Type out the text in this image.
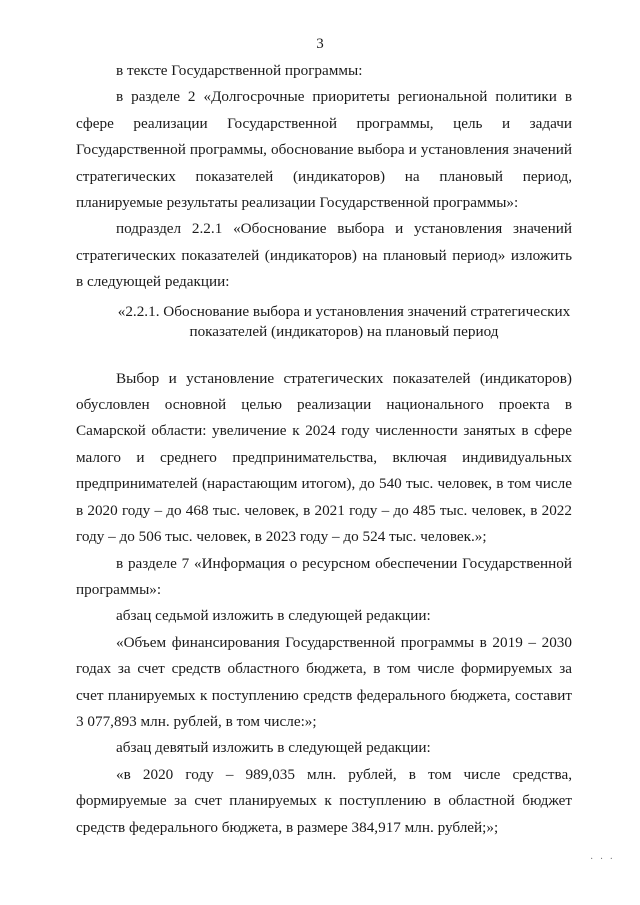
3

в тексте Государственной программы:

в разделе 2 «Долгосрочные приоритеты региональной политики в сфере реализации Государственной программы, цель и задачи Государственной программы, обоснование выбора и установления значений стратегических показателей (индикаторов) на плановый период, планируемые результаты реализации Государственной программы»:

подраздел 2.2.1 «Обоснование выбора и установления значений стратегических показателей (индикаторов) на плановый период» изложить в следующей редакции:

«2.2.1. Обоснование выбора и установления значений стратегических
показателей (индикаторов) на плановый период

Выбор и установление стратегических показателей (индикаторов) обусловлен основной целью реализации национального проекта в Самарской области: увеличение к 2024 году численности занятых в сфере малого и среднего предпринимательства, включая индивидуальных предпринимателей (нарастающим итогом), до 540 тыс. человек, в том числе в 2020 году – до 468 тыс. человек, в 2021 году – до 485 тыс. человек, в 2022 году – до 506 тыс. человек, в 2023 году – до 524 тыс. человек.»;

в разделе 7 «Информация о ресурсном обеспечении Государственной программы»:

абзац седьмой изложить в следующей редакции:

«Объем финансирования Государственной программы в 2019 – 2030 годах за счет средств областного бюджета, в том числе формируемых за счет планируемых к поступлению средств федерального бюджета, составит 3 077,893 млн. рублей, в том числе:»;

абзац девятый изложить в следующей редакции:

«в 2020 году – 989,035 млн. рублей, в том числе средства, формируемые за счет планируемых к поступлению в областной бюджет средств федерального бюджета, в размере 384,917 млн. рублей;»;

· · ·
